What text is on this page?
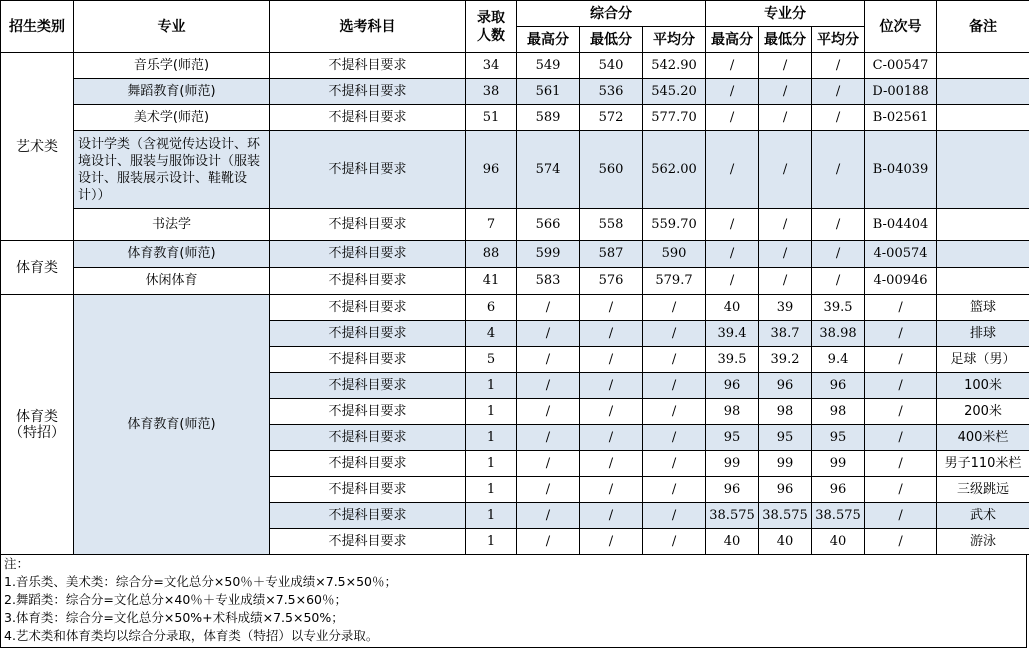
招生类别	专业	选考科目	录取人数	综合分			专业分			位次号	备注
				最高分	最低分	平均分	最高分	最低分	平均分		
艺术类	音乐学(师范)	不提科目要求	34	549	540	542.90	/	/	/	C-00547	
	舞蹈教育(师范)	不提科目要求	38	561	536	545.20	/	/	/	D-00188	
	美术学(师范)	不提科目要求	51	589	572	577.70	/	/	/	B-02561	
	设计学类（含视觉传达设计、环境设计、服装与服饰设计（服装设计、服装展示设计、鞋靴设计））	不提科目要求	96	574	560	562.00	/	/	/	B-04039	
	书法学	不提科目要求	7	566	558	559.70	/	/	/	B-04404	
体育类	体育教育(师范)	不提科目要求	88	599	587	590	/	/	/	4-00574	
	休闲体育	不提科目要求	41	583	576	579.7	/	/	/	4-00946	
体育类
（特招）	体育教育(师范)	不提科目要求	6	/	/	/	40	39	39.5	/	篮球
		不提科目要求	4	/	/	/	39.4	38.7	38.98	/	排球
		不提科目要求	5	/	/	/	39.5	39.2	9.4	/	足球（男）
		不提科目要求	1	/	/	/	96	96	96	/	100米
		不提科目要求	1	/	/	/	98	98	98	/	200米
		不提科目要求	1	/	/	/	95	95	95	/	400米栏
		不提科目要求	1	/	/	/	99	99	99	/	男子110米栏
		不提科目要求	1	/	/	/	96	96	96	/	三级跳远
		不提科目要求	1	/	/	/	38.575	38.575	38.575	/	武术
		不提科目要求	1	/	/	/	40	40	40	/	游泳
注：
1.音乐类、美术类：综合分=文化总分×50％＋专业成绩×7.5×50％；
2.舞蹈类：综合分=文化总分×40％＋专业成绩×7.5×60％；
3.体育类：综合分=文化总分×50%+术科成绩×7.5×50%；
4.艺术类和体育类均以综合分录取，体育类（特招）以专业分录取。
